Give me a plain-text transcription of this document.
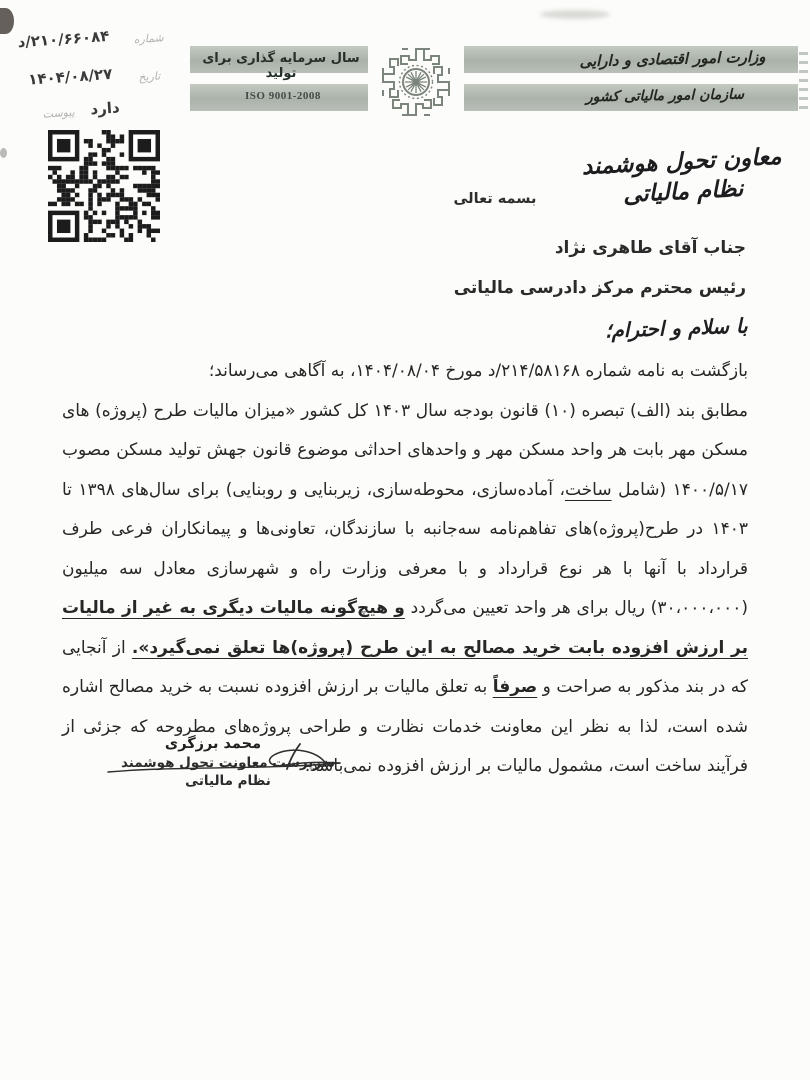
۲۱۰/۶۶۰۸۴/د شماره
۱۴۰۴/۰۸/۲۷ تاریخ
پیوست دارد
سال سرمایه گذاری برای تولید
ISO 9001-2008
وزارت امور اقتصادی و دارایی
سازمان امور مالیاتی کشور
معاون تحول هوشمند نظام مالیاتی
بسمه تعالی
جناب آقای طاهری نژاد
رئیس محترم مرکز دادرسی مالیاتی
با سلام و احترام؛

بازگشت به نامه شماره ۲۱۴/۵۸۱۶۸/د مورخ ۱۴۰۴/۰۸/۰۴، به آگاهی می‌رساند؛

مطابق بند (الف) تبصره (۱۰) قانون بودجه سال ۱۴۰۳ کل کشور «میزان مالیات طرح (پروژه) های مسکن مهر بابت هر واحد مسکن مهر و واحدهای احداثی موضوع قانون جهش تولید مسکن مصوب ۱۴۰۰/۵/۱۷ (شامل ساخت، آماده‌سازی، محوطه‌سازی، زیربنایی و روبنایی) برای سال‌های ۱۳۹۸ تا ۱۴۰۳ در طرح(پروژه)های تفاهم‌نامه سه‌جانبه با سازندگان، تعاونی‌ها و پیمانکاران فرعی طرف قرارداد با آنها با هر نوع قرارداد و با معرفی وزارت راه و شهرسازی معادل سه میلیون (۳۰،۰۰۰،۰۰۰) ریال برای هر واحد تعیین می‌گردد و هیچ‌گونه مالیات دیگری به غیر از مالیات بر ارزش افزوده بابت خرید مصالح به این طرح (پروژه)ها تعلق نمی‌گیرد». از آنجایی که در بند مذکور به صراحت و صرفاً به تعلق مالیات بر ارزش افزوده نسبت به خرید مصالح اشاره شده است، لذا به نظر این معاونت خدمات نظارت و طراحی پروژه‌های مطروحه که جزئی از فرآیند ساخت است، مشمول مالیات بر ارزش افزوده نمی‌باشد.

محمد برزگری
سرپرست معاونت تحول هوشمند
نظام مالیاتی
